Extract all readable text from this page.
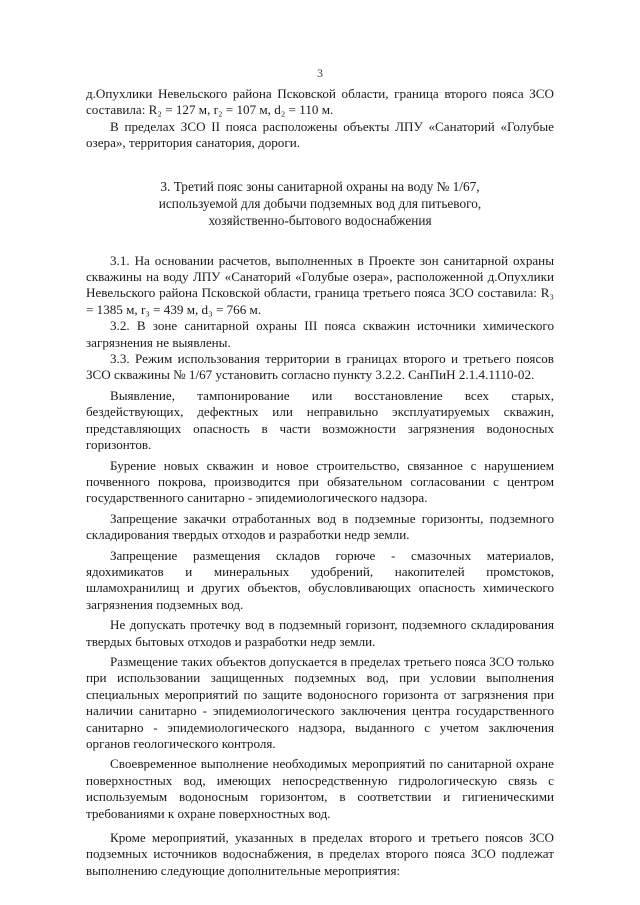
3

д.Опухлики Невельского района Псковской области, граница второго пояса ЗСО составила: R₂ = 127 м, r₂ = 107 м, d₂ = 110 м.

В пределах ЗСО II пояса расположены объекты ЛПУ «Санаторий «Голубые озера», территория санатория, дороги.

3. Третий пояс зоны санитарной охраны на воду № 1/67,
используемой для добычи подземных вод для питьевого,
хозяйственно-бытового водоснабжения

3.1. На основании расчетов, выполненных в Проекте зон санитарной охраны скважины на воду ЛПУ «Санаторий «Голубые озера», расположенной д.Опухлики Невельского района Псковской области, граница третьего пояса ЗСО составила: R₃ = 1385 м, r₃ = 439 м, d₃ = 766 м.

3.2. В зоне санитарной охраны III пояса скважин источники химического загрязнения не выявлены.

3.3. Режим использования территории в границах второго и третьего поясов ЗСО скважины № 1/67 установить согласно пункту 3.2.2. СанПиН 2.1.4.1110-02.

Выявление, тампонирование или восстановление всех старых, бездействующих, дефектных или неправильно эксплуатируемых скважин, представляющих опасность в части возможности загрязнения водоносных горизонтов.

Бурение новых скважин и новое строительство, связанное с нарушением почвенного покрова, производится при обязательном согласовании с центром государственного санитарно - эпидемиологического надзора.

Запрещение закачки отработанных вод в подземные горизонты, подземного складирования твердых отходов и разработки недр земли.

Запрещение размещения складов горюче - смазочных материалов, ядохимикатов и минеральных удобрений, накопителей промстоков, шламохранилищ и других объектов, обусловливающих опасность химического загрязнения подземных вод.

Не допускать протечку вод в подземный горизонт, подземного складирования твердых бытовых отходов и разработки недр земли.

Размещение таких объектов допускается в пределах третьего пояса ЗСО только при использовании защищенных подземных вод, при условии выполнения специальных мероприятий по защите водоносного горизонта от загрязнения при наличии санитарно - эпидемиологического заключения центра государственного санитарно - эпидемиологического надзора, выданного с учетом заключения органов геологического контроля.

Своевременное выполнение необходимых мероприятий по санитарной охране поверхностных вод, имеющих непосредственную гидрологическую связь с используемым водоносным горизонтом, в соответствии и гигиеническими требованиями к охране поверхностных вод.

Кроме мероприятий, указанных в пределах второго и третьего поясов ЗСО подземных источников водоснабжения, в пределах второго пояса ЗСО подлежат выполнению следующие дополнительные мероприятия:
